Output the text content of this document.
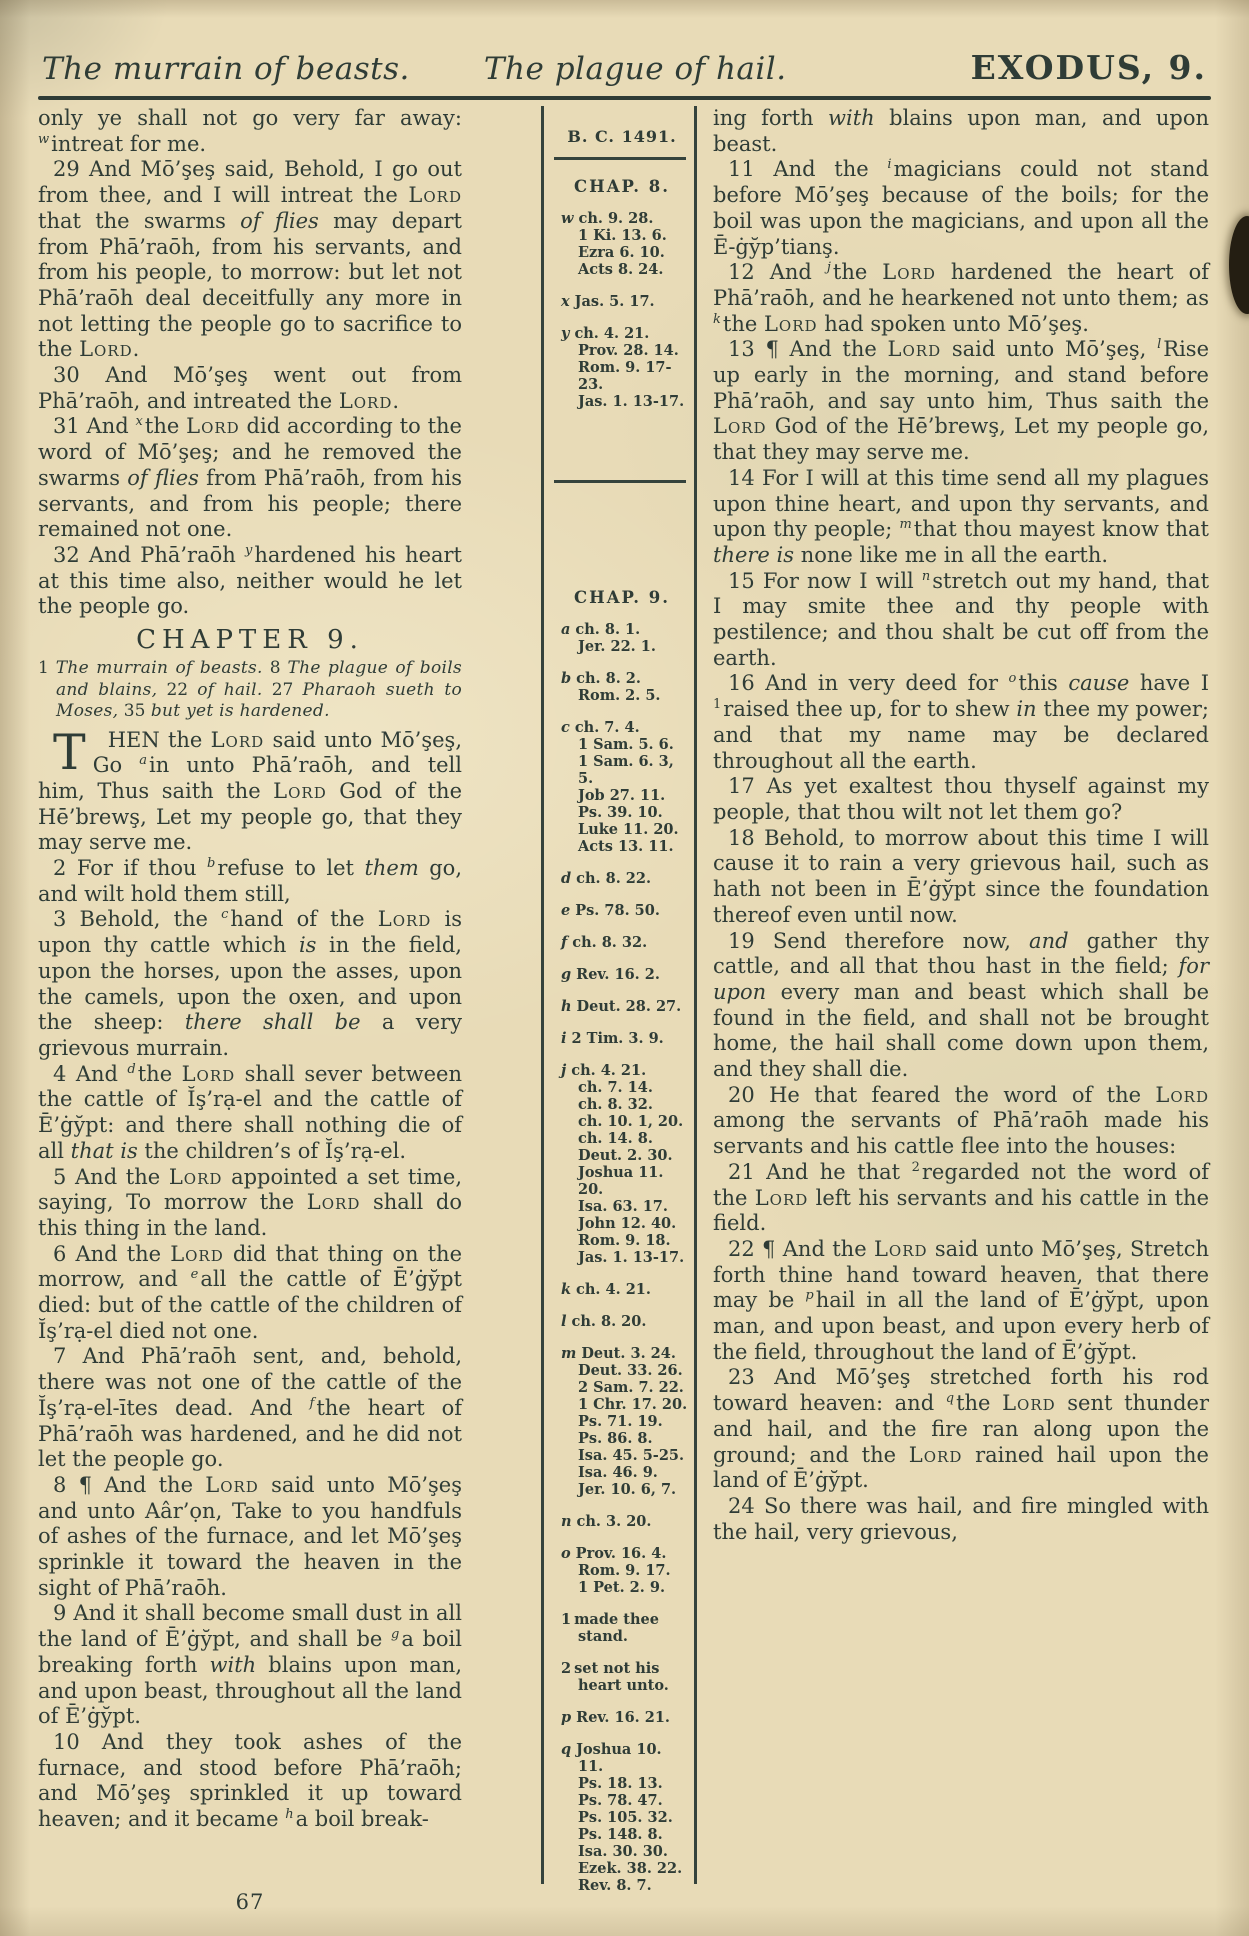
The murrain of beasts. The plague of hail.	EXODUS, 9.

only ye shall not go very far away: $^w$intreat for me.

29 And Mō’şeş said, Behold, I go out from thee, and I will intreat the Lord that the swarms of flies may depart from Phā’raōh, from his servants, and from his people, to morrow: but let not Phā’raōh deal deceitfully any more in not letting the people go to sacrifice to the Lord.

30 And Mō’şeş went out from Phā’raōh, and intreated the Lord.

31 And $^x$the Lord did according to the word of Mō’şeş; and he removed the swarms of flies from Phā’raōh, from his servants, and from his people; there remained not one.

32 And Phā’raōh $^y$hardened his heart at this time also, neither would he let the people go.

CHAPTER 9.

1 The murrain of beasts. 8 The plague of boils and blains, 22 of hail. 27 Pharaoh sueth to Moses, 35 but yet is hardened.

T	HEN the Lord said unto Mō’şeş, Go $^a$in unto Phā’raōh, and tell him, Thus saith the Lord God of the Hē’brewş, Let my people go, that they may serve me.

2 For if thou $^b$refuse to let them go, and wilt hold them still,

3 Behold, the $^c$hand of the Lord is upon thy cattle which is in the field, upon the horses, upon the asses, upon the camels, upon the oxen, and upon the sheep: there shall be a very grievous murrain.

4 And $^d$the Lord shall sever between the cattle of Ĭş’rạ-el and the cattle of Ē’ġy̆pt: and there shall nothing die of all that is the children’s of Ĭş’rạ-el.

5 And the Lord appointed a set time, saying, To morrow the Lord shall do this thing in the land.

6 And the Lord did that thing on the morrow, and $^e$all the cattle of Ē’ġy̆pt died: but of the cattle of the children of Ĭş’rạ-el died not one.

7 And Phā’raōh sent, and, behold, there was not one of the cattle of the Ĭş’rạ-el-ītes dead. And $^f$the heart of Phā’raōh was hardened, and he did not let the people go.

8 ¶ And the Lord said unto Mō’şeş and unto Aâr’ọn, Take to you handfuls of ashes of the furnace, and let Mō’şeş sprinkle it toward the heaven in the sight of Phā’raōh.

9 And it shall become small dust in all the land of Ē’ġy̆pt, and shall be $^g$a boil breaking forth with blains upon man, and upon beast, throughout all the land of Ē’ġy̆pt.

10 And they took ashes of the furnace, and stood before Phā’raōh; and Mō’şeş sprinkled it up toward heaven; and it became $^h$a boil break-

B. C. 1491.
CHAP. 8.
w ch. 9. 28.
1 Ki. 13. 6.
Ezra 6. 10.
Acts 8. 24.
x Jas. 5. 17.
y ch. 4. 21.
Prov. 28. 14.
Rom. 9. 17-23.
Jas. 1. 13-17.
CHAP. 9.
a ch. 8. 1.
Jer. 22. 1.
b ch. 8. 2.
Rom. 2. 5.
c ch. 7. 4.
1 Sam. 5. 6.
1 Sam. 6. 3, 5.
Job 27. 11.
Ps. 39. 10.
Luke 11. 20.
Acts 13. 11.
d ch. 8. 22.
e Ps. 78. 50.
f ch. 8. 32.
g Rev. 16. 2.
h Deut. 28. 27.
i 2 Tim. 3. 9.
j ch. 4. 21.
ch. 7. 14.
ch. 8. 32.
ch. 10. 1, 20.
ch. 14. 8.
Deut. 2. 30.
Joshua 11. 20.
Isa. 63. 17.
John 12. 40.
Rom. 9. 18.
Jas. 1. 13-17.
k ch. 4. 21.
l ch. 8. 20.
m Deut. 3. 24.
Deut. 33. 26.
2 Sam. 7. 22.
1 Chr. 17. 20.
Ps. 71. 19.
Ps. 86. 8.
Isa. 45. 5-25.
Isa. 46. 9.
Jer. 10. 6, 7.
n ch. 3. 20.
o Prov. 16. 4.
Rom. 9. 17.
1 Pet. 2. 9.
1 made thee
stand.
2 set not his
heart unto.
p Rev. 16. 21.
q Joshua 10. 11.
Ps. 18. 13.
Ps. 78. 47.
Ps. 105. 32.
Ps. 148. 8.
Isa. 30. 30.
Ezek. 38. 22.
Rev. 8. 7.

ing forth with blains upon man, and upon beast.

11 And the $^i$magicians could not stand before Mō’şeş because of the boils; for the boil was upon the magicians, and upon all the Ē-ġy̆p’tianş.

12 And $^j$the Lord hardened the heart of Phā’raōh, and he hearkened not unto them; as $^k$the Lord had spoken unto Mō’şeş.

13 ¶ And the Lord said unto Mō’şeş, $^l$Rise up early in the morning, and stand before Phā’raōh, and say unto him, Thus saith the Lord God of the Hē’brewş, Let my people go, that they may serve me.

14 For I will at this time send all my plagues upon thine heart, and upon thy servants, and upon thy people; $^m$that thou mayest know that there is none like me in all the earth.

15 For now I will $^n$stretch out my hand, that I may smite thee and thy people with pestilence; and thou shalt be cut off from the earth.

16 And in very deed for $^o$this cause have I $^1$raised thee up, for to shew in thee my power; and that my name may be declared throughout all the earth.

17 As yet exaltest thou thyself against my people, that thou wilt not let them go?

18 Behold, to morrow about this time I will cause it to rain a very grievous hail, such as hath not been in Ē’ġy̆pt since the foundation thereof even until now.

19 Send therefore now, and gather thy cattle, and all that thou hast in the field; for upon every man and beast which shall be found in the field, and shall not be brought home, the hail shall come down upon them, and they shall die.

20 He that feared the word of the Lord among the servants of Phā’raōh made his servants and his cattle flee into the houses:

21 And he that $^2$regarded not the word of the Lord left his servants and his cattle in the field.

22 ¶ And the Lord said unto Mō’şeş, Stretch forth thine hand toward heaven, that there may be $^p$hail in all the land of Ē’ġy̆pt, upon man, and upon beast, and upon every herb of the field, throughout the land of Ē’ġy̆pt.

23 And Mō’şeş stretched forth his rod toward heaven: and $^q$the Lord sent thunder and hail, and the fire ran along upon the ground; and the Lord rained hail upon the land of Ē’ġy̆pt.

24 So there was hail, and fire mingled with the hail, very grievous,

67
